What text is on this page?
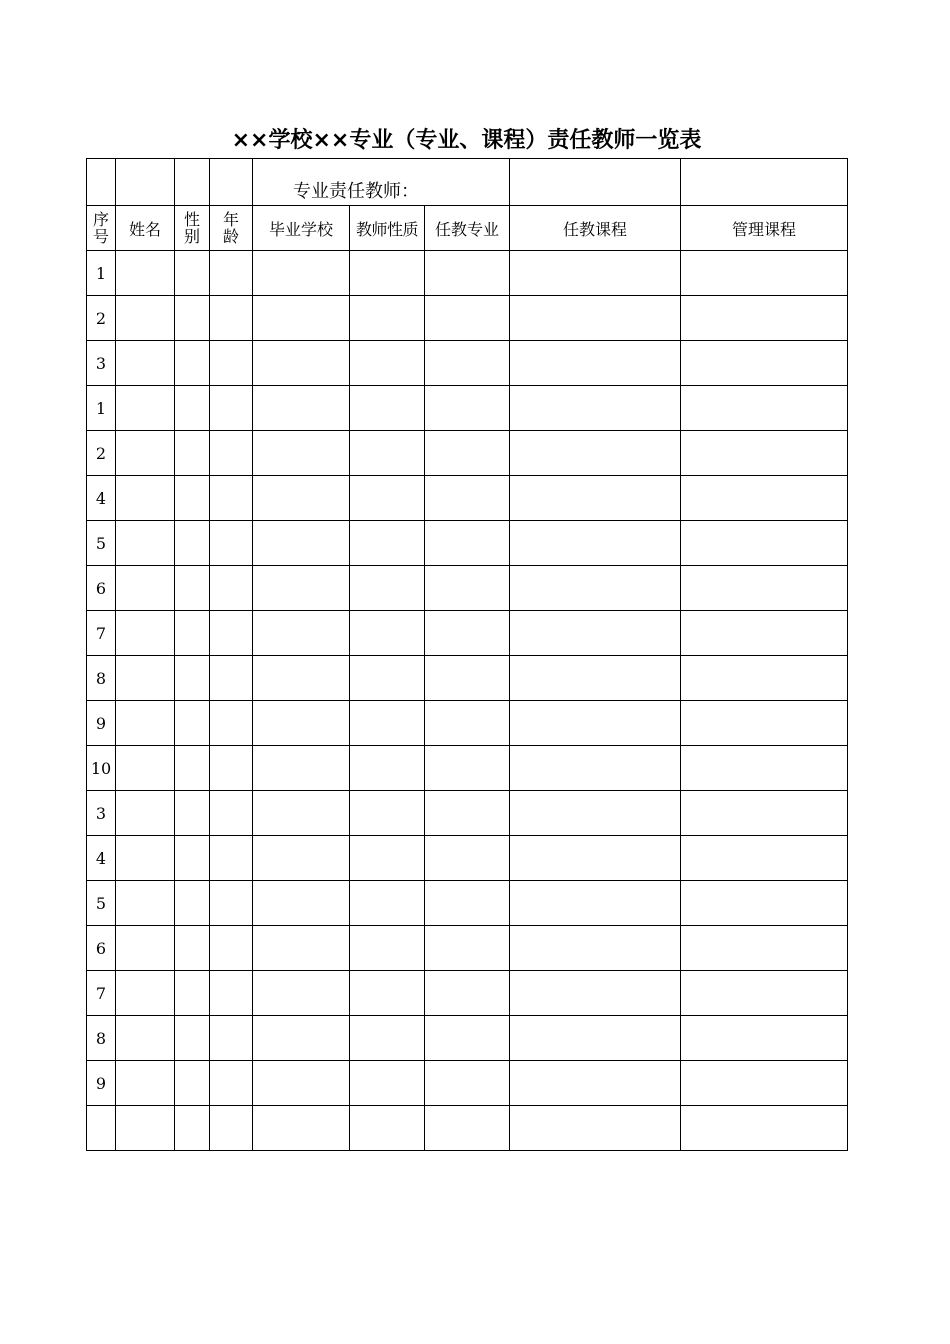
××学校××专业（专业、课程）责任教师一览表
				专业责任教师：				
序号	姓名	性别	年龄	毕业学校	教师性质	任教专业	任教课程	管理课程
1								
2								
3								
1								
2								
4								
5								
6								
7								
8								
9								
10								
3								
4								
5								
6								
7								
8								
9								
